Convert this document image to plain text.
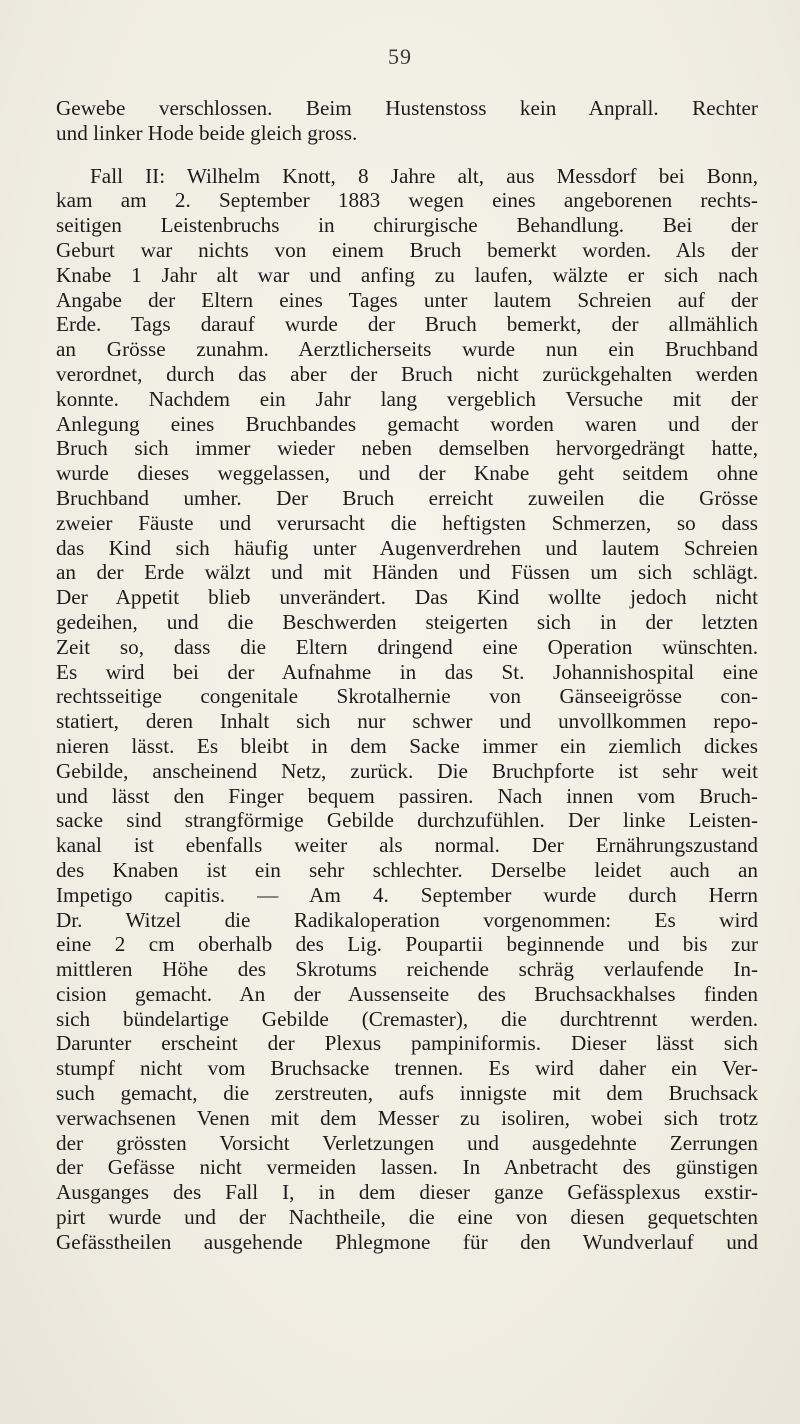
59
Gewebe verschlossen. Beim Hustenstoss kein Anprall. Rechter
und linker Hode beide gleich gross.
Fall II: Wilhelm Knott, 8 Jahre alt, aus Messdorf bei Bonn,
kam am 2. September 1883 wegen eines angeborenen rechts-
seitigen Leistenbruchs in chirurgische Behandlung. Bei der
Geburt war nichts von einem Bruch bemerkt worden. Als der
Knabe 1 Jahr alt war und anfing zu laufen, wälzte er sich nach
Angabe der Eltern eines Tages unter lautem Schreien auf der
Erde. Tags darauf wurde der Bruch bemerkt, der allmählich
an Grösse zunahm. Aerztlicherseits wurde nun ein Bruchband
verordnet, durch das aber der Bruch nicht zurückgehalten werden
konnte. Nachdem ein Jahr lang vergeblich Versuche mit der
Anlegung eines Bruchbandes gemacht worden waren und der
Bruch sich immer wieder neben demselben hervorgedrängt hatte,
wurde dieses weggelassen, und der Knabe geht seitdem ohne
Bruchband umher. Der Bruch erreicht zuweilen die Grösse
zweier Fäuste und verursacht die heftigsten Schmerzen, so dass
das Kind sich häufig unter Augenverdrehen und lautem Schreien
an der Erde wälzt und mit Händen und Füssen um sich schlägt.
Der Appetit blieb unverändert. Das Kind wollte jedoch nicht
gedeihen, und die Beschwerden steigerten sich in der letzten
Zeit so, dass die Eltern dringend eine Operation wünschten.
Es wird bei der Aufnahme in das St. Johannishospital eine
rechtsseitige congenitale Skrotalhernie von Gänseeigrösse con-
statiert, deren Inhalt sich nur schwer und unvollkommen repo-
nieren lässt. Es bleibt in dem Sacke immer ein ziemlich dickes
Gebilde, anscheinend Netz, zurück. Die Bruchpforte ist sehr weit
und lässt den Finger bequem passiren. Nach innen vom Bruch-
sacke sind strangförmige Gebilde durchzufühlen. Der linke Leisten-
kanal ist ebenfalls weiter als normal. Der Ernährungszustand
des Knaben ist ein sehr schlechter. Derselbe leidet auch an
Impetigo capitis. — Am 4. September wurde durch Herrn
Dr. Witzel die Radikaloperation vorgenommen: Es wird
eine 2 cm oberhalb des Lig. Poupartii beginnende und bis zur
mittleren Höhe des Skrotums reichende schräg verlaufende In-
cision gemacht. An der Aussenseite des Bruchsackhalses finden
sich bündelartige Gebilde (Cremaster), die durchtrennt werden.
Darunter erscheint der Plexus pampiniformis. Dieser lässt sich
stumpf nicht vom Bruchsacke trennen. Es wird daher ein Ver-
such gemacht, die zerstreuten, aufs innigste mit dem Bruchsack
verwachsenen Venen mit dem Messer zu isoliren, wobei sich trotz
der grössten Vorsicht Verletzungen und ausgedehnte Zerrungen
der Gefässe nicht vermeiden lassen. In Anbetracht des günstigen
Ausganges des Fall I, in dem dieser ganze Gefässplexus exstir-
pirt wurde und der Nachtheile, die eine von diesen gequetschten
Gefässtheilen ausgehende Phlegmone für den Wundverlauf und
